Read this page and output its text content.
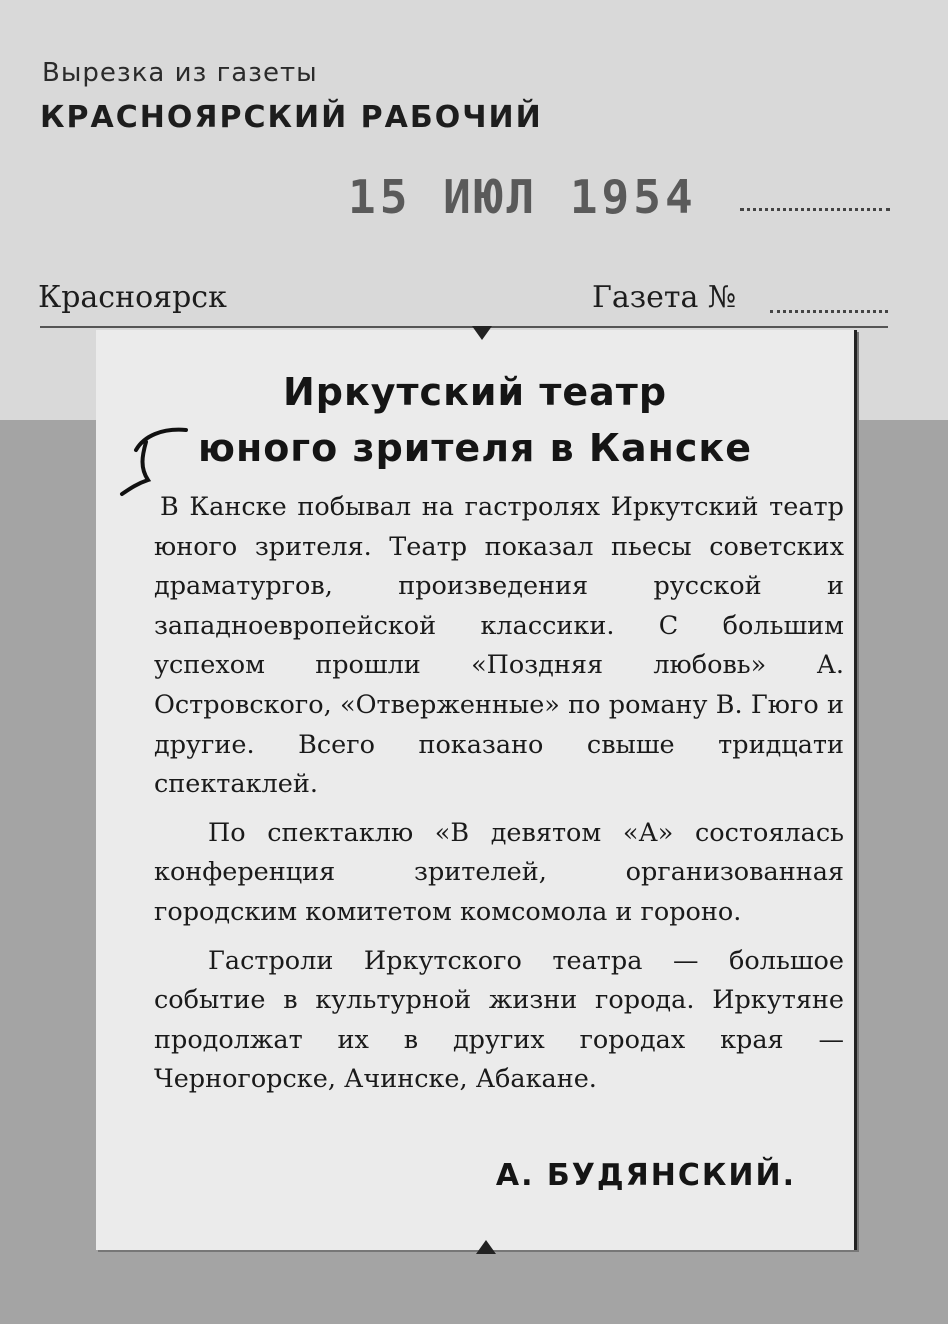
Вырезка из газеты
КРАСНОЯРСКИЙ РАБОЧИЙ
15 ИЮЛ 1954
Красноярск	Газета №
Иркутский театр
юного зрителя в Канске

В Канске побывал на гастролях Иркутский театр юного зрителя. Театр показал пьесы советских драматургов, произведения русской и западноевропейской классики. С большим успехом прошли «Поздняя любовь» А. Островского, «Отверженные» по роману В. Гюго и другие. Всего показано свыше тридцати спектаклей.

По спектаклю «В девятом «А» состоялась конференция зрителей, организованная городским комитетом комсомола и гороно.

Гастроли Иркутского театра — большое событие в культурной жизни города. Иркутяне продолжат их в других городах края — Черногорске, Ачинске, Абакане.

А. БУДЯНСКИЙ.
